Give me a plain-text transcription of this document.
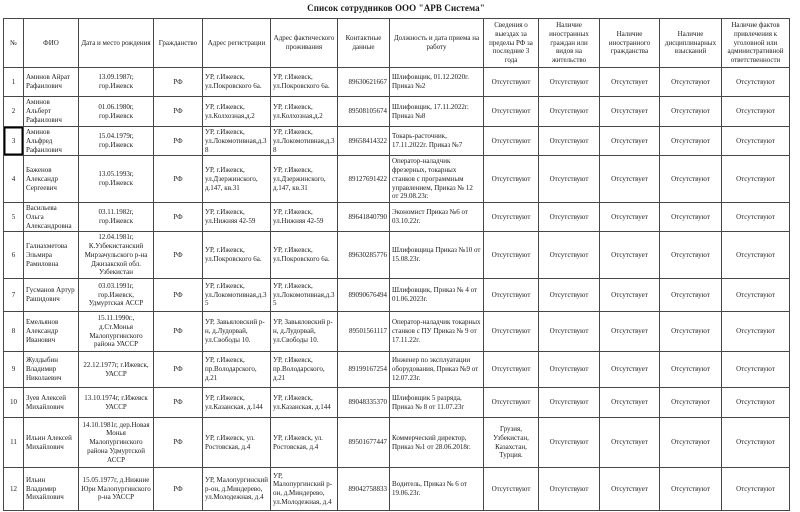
Список сотрудников ООО "АРВ Система"
№	ФИО	Дата и место рождения	Гражданство	Адрес регистрации	Адрес фактического проживания	Контактные данные	Должность и дата приема на работу	Сведения о выездах за пределы РФ за последние 3 года	Наличие иностранных граждан или видов на жительство	Наличие иностранного гражданства	Наличие дисциплинарных взысканий	Наличие фактов привлечения к уголовной или административной ответственности
1	Аминов Айрат Рафаилович	13.09.1987г, гор.Ижевск	РФ	УР, г.Ижевск, ул.Покровского 6а.	УР, г.Ижевск, ул.Покровского 6а.	89630621667	Шлифовщик, 01.12.2020г. Приказ №2	Отсутствуют	Отсутствуют	Отсутствует	Отсутствуют	Отсутствуют
2	Аминов Альберт Рафаилович	01.06.1980г, гор.Ижевск	РФ	УР, г.Ижевск, ул.Колхозная,д.2	УР, г.Ижевск, ул.Колхозная,д.2	89508105674	Шлифовщик, 17.11.2022г. Приказ №8	Отсутствуют	Отсутствуют	Отсутствует	Отсутствуют	Отсутствуют
3	Аминов Альфред Рафаилович	15.04.1979г, гор.Ижевск	РФ	УР, г.Ижевск, ул.Локомотивная,д.38	УР, г.Ижевск, ул.Локомотивная,д.38	89658414322	Токарь-расточник, 17.11.2022г. Приказ №7	Отсутствуют	Отсутствуют	Отсутствует	Отсутствуют	Отсутствуют
4	Баженов Александр Сергеевич	13.05.1993г, гор.Ижевск	РФ	УР, г.Ижевск, ул.Дзержинского, д.147, кв.31	УР, г.Ижевск, ул.Дзержинского, д.147, кв.31	89127691422	Оператор-наладчик фрезерных, токарных станков с программным управлением, Приказ № 12 от 29.08.23г.	Отсутствуют	Отсутствуют	Отсутствует	Отсутствуют	Отсутствуют
5	Васильева Ольга Александровна	03.11.1982г, гор.Ижевск	РФ	УР, г.Ижевск, ул.Нижняя 42-59	УР, г.Ижевск, ул.Нижняя 42-59	89641840790	Экономист Приказ №6 от 03.10.22г.	Отсутствуют	Отсутствуют	Отсутствует	Отсутствуют	Отсутствуют
6	Галиахметова Эльмира Рамиловна	12.04.1981г, К.Узбекистанский Мирзачульского р-на Джизакской обл. Узбекистан	РФ	УР, г.Ижевск, ул.Покровского 6а.	УР, г.Ижевск, ул.Покровского 6а.	89630285776	Шлифовщица Приказ №10 от 15.08.23г.	Отсутствуют	Отсутствуют	Отсутствует	Отсутствуют	Отсутствуют
7	Гусманов Артур Рашидович	03.03.1991г, гор.Ижевск, Удмуртская АССР	РФ	УР, г.Ижевск, ул.Локомотивная,д.35	УР, г.Ижевск, ул.Локомотивная,д.35	89090676494	Шлифовщик, Приказ № 4 от 01.06.2023г.	Отсутствуют	Отсутствуют	Отсутствует	Отсутствуют	Отсутствуют
8	Емельянов Александр Иванович	15.11.1990г., д.Ст.Монья Малопургинского района УАССР	РФ	УР, Завьяловский р-н, д.Лудорвай, ул.Свободы 10.	УР, Завьяловский р-н, д.Лудорвай, ул.Свободы 10.	89501561117	Оператор-наладчик токарных станков с ПУ Приказ № 9 от 17.11.22г.	Отсутствуют	Отсутствуют	Отсутствует	Отсутствуют	Отсутствуют
9	Жулдыбин Владимир Николаевич	22.12.1977г, г.Ижевск, УАССР	РФ	УР, г.Ижевск, пр.Володарского, д.21	УР, г.Ижевск, пр.Володарского, д.21	89199167254	Инженер по эксплуатации оборудования, Приказ №9 от 12.07.23г.	Отсутствуют	Отсутствуют	Отсутствует	Отсутствуют	Отсутствуют
10	Зуев Алексей Михайлович	13.10.1974г, г.Ижевск УАССР	РФ	УР, г.Ижевск, ул.Казанская, д.144	УР, г.Ижевск, ул.Казанская, д.144	89048335370	Шлифовщик 5 разряда, Приказ № 8 от 11.07.23г	Отсутствуют	Отсутствуют	Отсутствует	Отсутствуют	Отсутствуют
11	Ильин Алексей Михайлович	14.10.1981г, дер.Новая Монья Малопургинского района Удмуртской АССР	РФ	УР, г.Ижевск, ул. Ростовская, д.4	УР, г.Ижевск, ул. Ростовская, д.4	89501677447	Коммерческий директор, Приказ №1 от 28.06.2018г.	Грузия, Узбекистан, Казахстан, Турция.	Отсутствуют	Отсутствует	Отсутствуют	Отсутствуют
12	Ильин Владимир Михайлович	15.05.1977г, д.Нижние Юри Малопургинского р-на УАССР	РФ	УР, Малопургинский р-он, д.Миндерево, ул.Молодежная, д.4	УР, Малопургинский р-он, д.Миндерево, ул.Молодежная, д.4	89042758833	Водитель, Приказ № 6 от 19.06.23г.	Отсутствуют	Отсутствуют	Отсутствует	Отсутствуют	Отсутствуют
